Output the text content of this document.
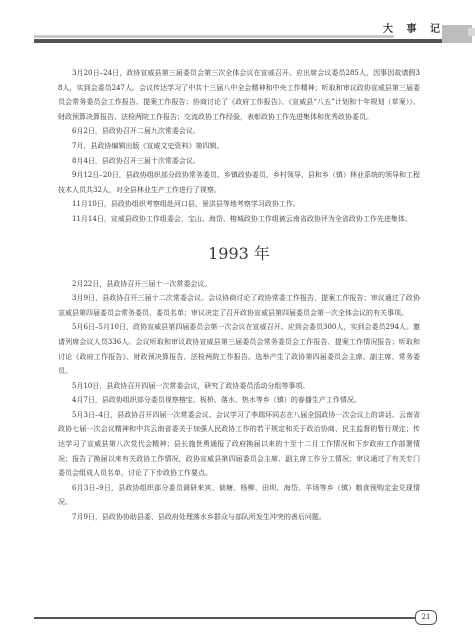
大 事 记

3月20日–24日，政协宣威县第三届委员会第三次全体会议在宣威召开。应出席会议委员285人，因事因故请假38人，实到会委员247人。会议传达学习了中共十三届八中全会精神和中央工作精神；听取和审议政协宣威县第三届委员会常务委员会工作报告、提案工作报告；协商讨论了《政府工作报告》、《宣威县“八五”计划和十年规划（草案）》、财政预算决算报告、法检两院工作报告；交流政协工作经验，表彰政协工作先进集体和优秀政协委员。

6月2日，县政协召开二届九次常委会议。

7月，县政协编辑出版《宣威文史资料》第四辑。

8月4日，县政协召开三届十次常委会议。

9月12日–20日，县政协组织部分政协常务委员、乡镇政协委员、乡村领导、县和乡（镇）林业系统的领导和工程技术人员共32人，对全县林业生产工作进行了视察。

11月10日，县政协组织考察组赴河口县、景洪县等地考察学习政协工作。

11月14日，宣威县政协工作组委会，宝山、海岱、榕城政协工作组被云南省政协评为全省政协工作先进集体。

1993 年

2月22日，县政协召开三届十一次常委会议。

3月9日，县政协召开三届十二次常委会议。会议协商讨论了政协常委工作报告、提案工作报告；审议通过了政协宣威县第四届委员会常务委员、委员名单；审议决定了召开政协宣威县第四届委员会第一次全体会议的有关事项。

5月6日–5月10日，政协宣威县第四届委员会第一次会议在宣威召开。应到会委员300人，实到会委员294人。邀请列席会议人员336人。会议听取和审议政协宣威县第三届委员会常务委员会工作报告、提案工作情况报告；听取和讨论《政府工作报告》、财政预决算报告、法检两院工作报告。选举产生了政协第四届委员会主席、副主席、常务委员。

5月10日，县政协召开四届一次常委会议，研究了政协委员活动分组等事项。

4月7日，县政协组织部分委员视察榕宝、板桥、落水、热水等乡（镇）的春播生产工作情况。

5月3日–4日，县政协召开四届一次常委会议。会议学习了李瑞环同志在八届全国政协一次会议上的讲话、云南省政协七届一次会议精神和中共云南省委关于加强人民政协工作的若干规定和关于政治协商、民主监督的暂行规定；传达学习了宣威县第八次党代会精神；县长施世勇通报了政府换届以来的十至十二月工作情况和下步政府工作部署情况；报告了换届以来有关政协工作情况，政协宣威县第四届委员会主席、副主席工作分工情况；审议通过了有关专门委员会组成人员名单，讨论了下步政协工作要点。

6月3日–9日，县政协组织部分委员调研来宾、倘塘、杨柳、田坝、海岱、羊场等乡（镇）粮食预购定金兑现情况。

7月9日，县政协协助县委、县政府处理落水乡群众与部队所发生冲突的善后问题。

21
